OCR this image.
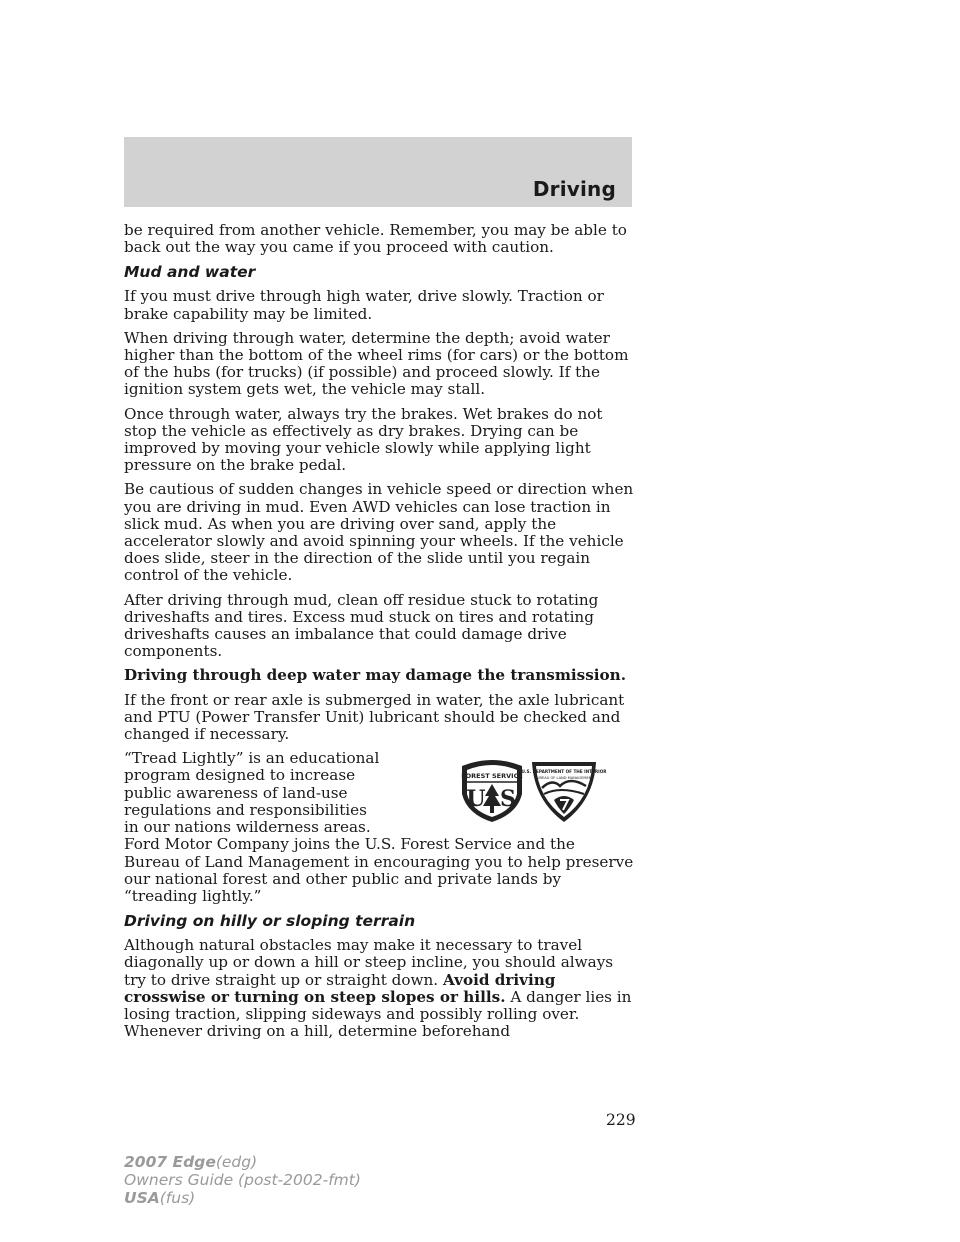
Driving

be required from another vehicle. Remember, you may be able to back out the way you came if you proceed with caution.

Mud and water

If you must drive through high water, drive slowly. Traction or brake capability may be limited.

When driving through water, determine the depth; avoid water higher than the bottom of the wheel rims (for cars) or the bottom of the hubs (for trucks) (if possible) and proceed slowly. If the ignition system gets wet, the vehicle may stall.

Once through water, always try the brakes. Wet brakes do not stop the vehicle as effectively as dry brakes. Drying can be improved by moving your vehicle slowly while applying light pressure on the brake pedal.

Be cautious of sudden changes in vehicle speed or direction when you are driving in mud. Even AWD vehicles can lose traction in slick mud. As when you are driving over sand, apply the accelerator slowly and avoid spinning your wheels. If the vehicle does slide, steer in the direction of the slide until you regain control of the vehicle.

After driving through mud, clean off residue stuck to rotating driveshafts and tires. Excess mud stuck on tires and rotating driveshafts causes an imbalance that could damage drive components.

Driving through deep water may damage the transmission.

If the front or rear axle is submerged in water, the axle lubricant and PTU (Power Transfer Unit) lubricant should be checked and changed if necessary.

FOREST SERVICE
U S
U.S. DEPARTMENT OF THE INTERIOR
BUREAU OF LAND MANAGEMENT

“Tread Lightly” is an educational program designed to increase public awareness of land-use regulations and responsibilities in our nations wilderness areas. Ford Motor Company joins the U.S. Forest Service and the Bureau of Land Management in encouraging you to help preserve our national forest and other public and private lands by “treading lightly.”

Driving on hilly or sloping terrain

Although natural obstacles may make it necessary to travel diagonally up or down a hill or steep incline, you should always try to drive straight up or straight down. Avoid driving crosswise or turning on steep slopes or hills. A danger lies in losing traction, slipping sideways and possibly rolling over. Whenever driving on a hill, determine beforehand

229
2007 Edge(edg)
Owners Guide (post-2002-fmt)
USA(fus)
